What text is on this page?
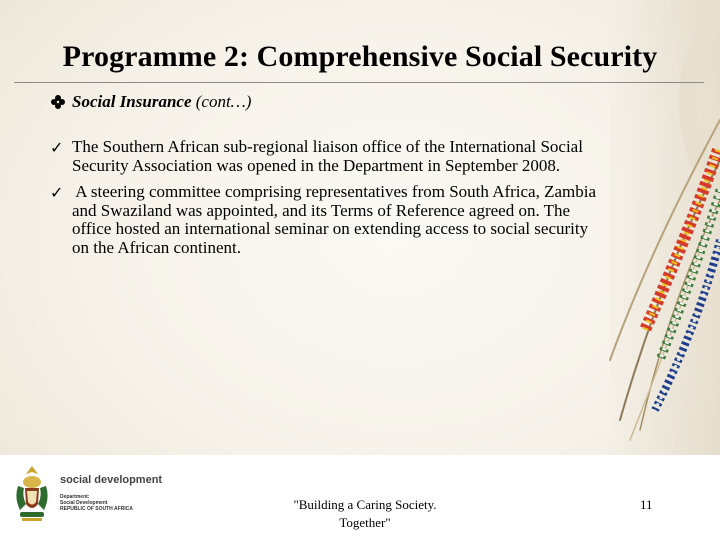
Programme 2: Comprehensive Social Security
Social Insurance (cont…)
✓ The Southern African sub-regional liaison office of the International Social
Security Association was opened in the Department in September 2008.
✓ A steering committee comprising representatives from South Africa, Zambia
and Swaziland was appointed, and its Terms of Reference agreed on. The
office hosted an international seminar on extending access to social security
on the African continent.
social development
Department:
Social Development
REPUBLIC OF SOUTH AFRICA	"Building a Caring Society.
Together"
11
